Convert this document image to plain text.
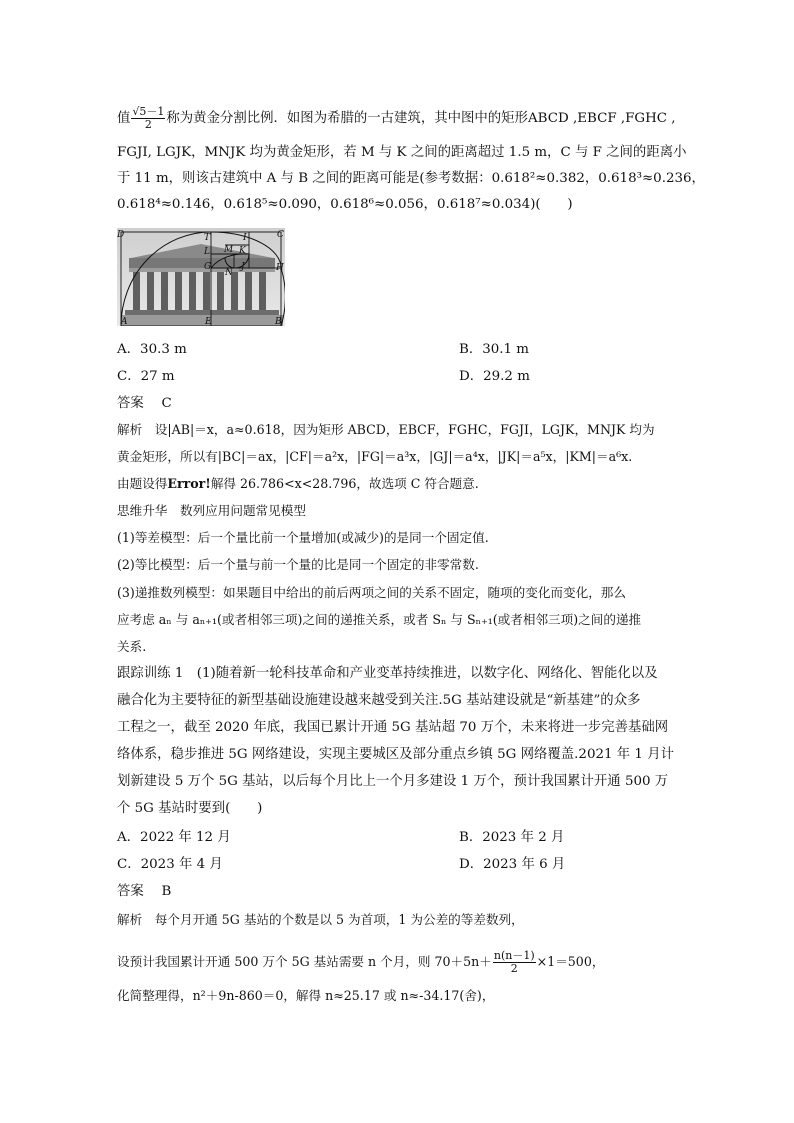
值 $\frac{√5-1}{2}$ 称为黄金分割比例．如图为希腊的一古建筑，其中图中的矩形ABCD ,EBCF ,FGHC ,
FGJI, LGJK，MNJK 均为黄金矩形，若 M 与 K 之间的距离超过 1.5 m，C 与 F 之间的距离小
于 11 m，则该古建筑中 A 与 B 之间的距离可能是(参考数据：0.618²≈0.382，0.618³≈0.236，
0.618⁴≈0.146，0.618⁵≈0.090，0.618⁶≈0.056，0.618⁷≈0.034)(　　)
D	T	I	C
L M K
H
G
N
J
A	E	B
A．30.3 m	B．30.1 m
C．27 m	D．29.2 m
答案　 C
解析　设|AB|＝x，a≈0.618，因为矩形 ABCD，EBCF，FGHC，FGJI，LGJK，MNJK 均为
黄金矩形，所以有|BC|＝ax，|CF|＝a²x，|FG|＝a³x，|GJ|＝a⁴x，|JK|＝a⁵x，|KM|＝a⁶x.
由题设得Error!解得 26.786<x<28.796，故选项 C 符合题意.
思维升华　数列应用问题常见模型
(1)等差模型：后一个量比前一个量增加(或减少)的是同一个固定值.
(2)等比模型：后一个量与前一个量的比是同一个固定的非零常数.
(3)递推数列模型：如果题目中给出的前后两项之间的关系不固定，随项的变化而变化，那么
应考虑 aₙ 与 aₙ₊₁(或者相邻三项)之间的递推关系，或者 Sₙ 与 Sₙ₊₁(或者相邻三项)之间的递推
关系.
跟踪训练 1　(1)随着新一轮科技革命和产业变革持续推进，以数字化、网络化、智能化以及
融合化为主要特征的新型基础设施建设越来越受到关注.5G 基站建设就是“新基建”的众多
工程之一，截至 2020 年底，我国已累计开通 5G 基站超 70 万个，未来将进一步完善基础网
络体系，稳步推进 5G 网络建设，实现主要城区及部分重点乡镇 5G 网络覆盖.2021 年 1 月计
划新建设 5 万个 5G 基站，以后每个月比上一个月多建设 1 万个，预计我国累计开通 500 万
个 5G 基站时要到(　　)
A．2022 年 12 月	B．2023 年 2 月
C．2023 年 4 月	D．2023 年 6 月
答案　 B
解析　每个月开通 5G 基站的个数是以 5 为首项，1 为公差的等差数列，
设预计我国累计开通 500 万个 5G 基站需要 n 个月，则 $70+5n+ \frac{n(n-1)}{2} \times 1=500$，
化简整理得，n²＋9n-860＝0，解得 n≈25.17 或 n≈-34.17(舍)，
